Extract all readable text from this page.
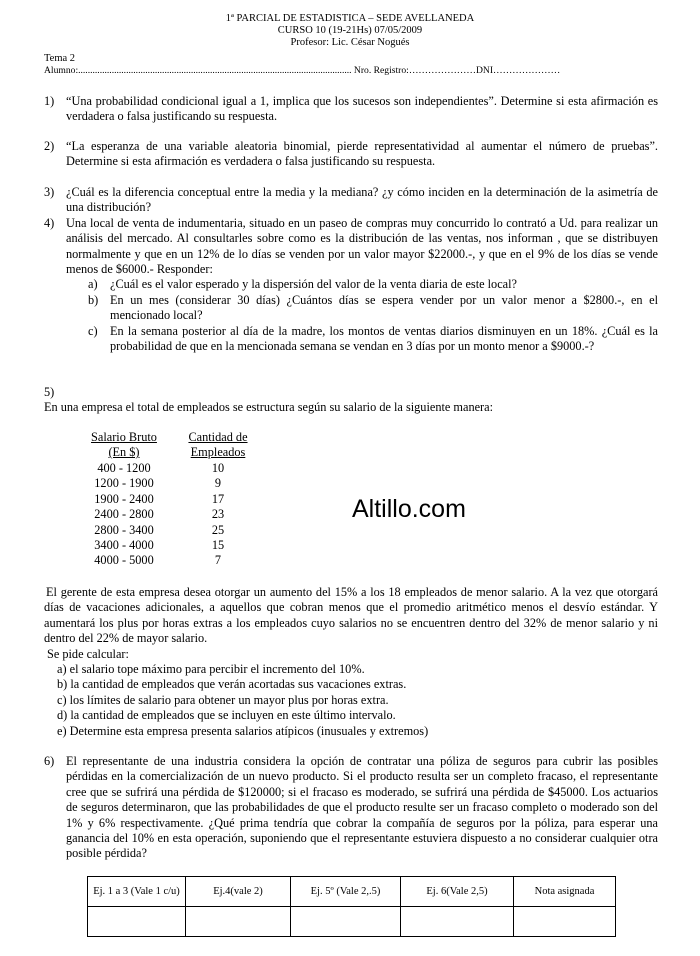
1ª PARCIAL DE ESTADISTICA – SEDE AVELLANEDA
CURSO 10 (19-21Hs) 07/05/2009
Profesor: Lic. César Nogués
Tema 2
Alumno:.................................................................................................................. Nro. Registro:…………………DNI…………………
1) “Una probabilidad condicional igual a 1, implica que los sucesos son independientes”. Determine si esta afirmación es verdadera o falsa justificando su respuesta.
2) “La esperanza de una variable aleatoria binomial, pierde representatividad al aumentar el número de pruebas”. Determine si esta afirmación es verdadera o falsa justificando su respuesta.
3) ¿Cuál es la diferencia conceptual entre la media y la mediana? ¿y cómo inciden en la determinación de la asimetría de una distribución?
4) Una local de venta de indumentaria, situado en un paseo de compras muy concurrido lo contrató a Ud. para realizar un análisis del mercado. Al consultarles sobre como es la distribución de las ventas, nos informan , que se distribuyen normalmente y que en un 12% de lo días se venden por un valor mayor $22000.-, y que en el 9% de los días se vende menos de $6000.- Responder:
a) ¿Cuál es el valor esperado y la dispersión del valor de la venta diaria de este local?
b) En un mes (considerar 30 días) ¿Cuántos días se espera vender por un valor menor a $2800.-, en el mencionado local?
c) En la semana posterior al día de la madre, los montos de ventas diarios disminuyen en un 18%. ¿Cuál es la probabilidad de que en la mencionada semana se vendan en 3 días por un monto menor a $9000.-?
5)
En una empresa el total de empleados se estructura según su salario de la siguiente manera:
Salario Bruto
(En $)
Cantidad de
Empleados
400 - 1200	10
1200 - 1900	9
1900 - 2400	17
2400 - 2800	23
2800 - 3400	25
3400 - 4000	15
4000 - 5000	7
Altillo.com
El gerente de esta empresa desea otorgar un aumento del 15% a los 18 empleados de menor salario. A la vez que otorgará días de vacaciones adicionales, a aquellos que cobran menos que el promedio aritmético menos el desvío estándar. Y aumentará los plus por horas extras a los empleados cuyo salarios no se encuentren dentro del 32% de menor salario y ni dentro del 22% de mayor salario.
Se pide calcular:
a) el salario tope máximo para percibir el incremento del 10%.
b) la cantidad de empleados que verán acortadas sus vacaciones extras.
c) los límites de salario para obtener un mayor plus por horas extra.
d) la cantidad de empleados que se incluyen en este último intervalo.
e) Determine esta empresa presenta salarios atípicos (inusuales y extremos)
6) El representante de una industria considera la opción de contratar una póliza de seguros para cubrir las posibles pérdidas en la comercialización de un nuevo producto. Si el producto resulta ser un completo fracaso, el representante cree que se sufrirá una pérdida de $120000; si el fracaso es moderado, se sufrirá una pérdida de $45000. Los actuarios de seguros determinaron, que las probabilidades de que el producto resulte ser un fracaso completo o moderado son del 1% y 6% respectivamente. ¿Qué prima tendría que cobrar la compañía de seguros por la póliza, para esperar una ganancia del 10% en esta operación, suponiendo que el representante estuviera dispuesto a no considerar cualquier otra posible pérdida?
Ej. 1 a 3 (Vale 1 c/u)	Ej.4(vale 2)	Ej. 5º (Vale 2,.5)	Ej. 6(Vale 2,5)	Nota asignada
